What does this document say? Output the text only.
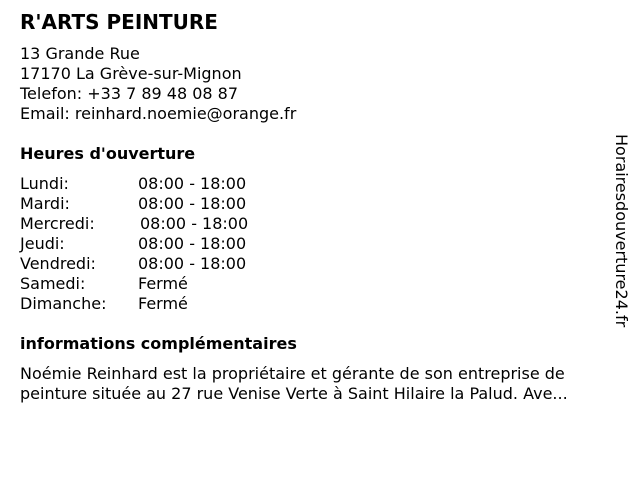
R'ARTS PEINTURE
13 Grande Rue
17170 La Grève-sur-Mignon
Telefon: +33 7 89 48 08 87
Email: reinhard.noemie@orange.fr
Heures d'ouverture
Lundi:	08:00 - 18:00
Mardi:	08:00 - 18:00
Mercredi:	08:00 - 18:00
Jeudi:	08:00 - 18:00
Vendredi:	08:00 - 18:00
Samedi:	Fermé
Dimanche: Fermé
informations complémentaires
Noémie Reinhard est la propriétaire et gérante de son entreprise de
peinture située au 27 rue Venise Verte à Saint Hilaire la Palud. Ave...
Horairesdouverture24.fr
